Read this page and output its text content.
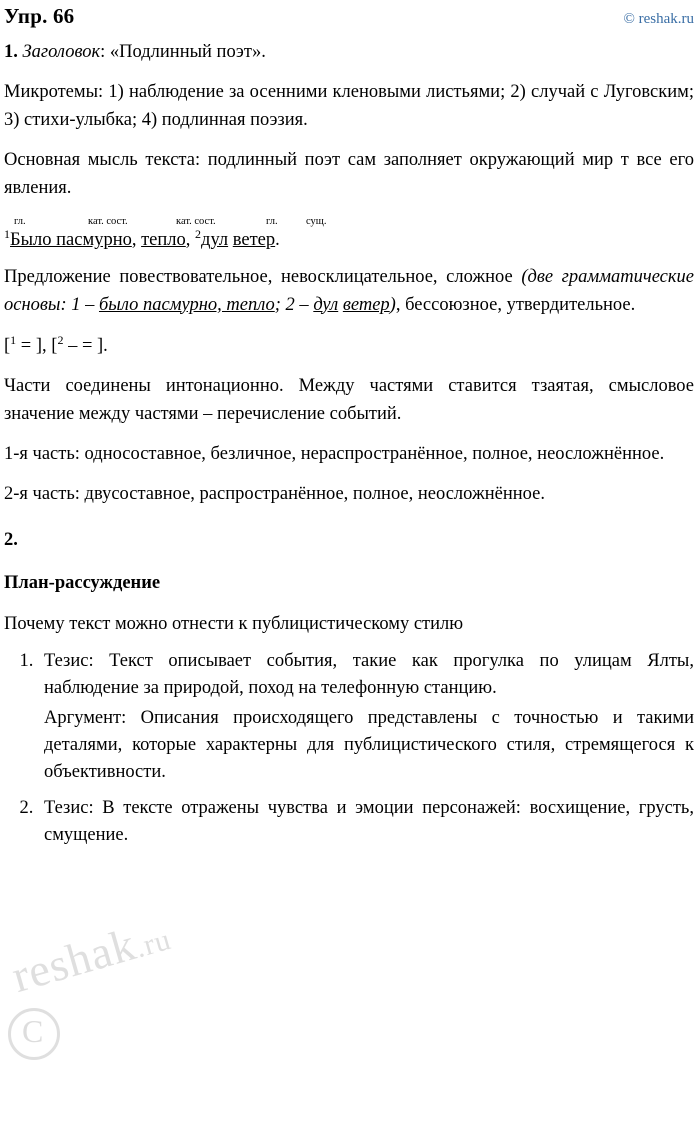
Упр. 66	© reshak.ru

1. Заголовок: «Подлинный поэт».

Микротемы: 1) наблюдение за осенними кленовыми листьями; 2) случай с Луговским; 3) стихи-улыбка; 4) подлинная поэзия.

Основная мысль текста: подлинный поэт сам заполняет окружающий мир т все его явления.

гл.	кат. сост.	кат. сост.	гл.	сущ.
$^1$Было пасмурно, тепло, $^2$дул ветер.

Предложение повествовательное, невосклицательное, сложное (две грамматические основы: 1 – было пасмурно, тепло; 2 – дул ветер), бессоюзное, утвердительное.

[$^1$ = ], [$^2$ – = ].

Части соединены интонационно. Между частями ставится тзаятая, смысловое значение между частями – перечисление событий.

1-я часть: односоставное, безличное, нераспространённое, полное, неосложнённое.

2-я часть: двусоставное, распространённое, полное, неосложнённое.

2.
План-рассуждение

Почему текст можно отнести к публицистическому стилю

1. Тезис: Текст описывает события, такие как прогулка по улицам Ялты, наблюдение за природой, поход на телефонную станцию.
Аргумент: Описания происходящего представлены с точностью и такими деталями, которые характерны для публицистического стиля, стремящегося к объективности.
2. Тезис: В тексте отражены чувства и эмоции персонажей: восхищение, грусть, смущение.
reshak.ru
C
